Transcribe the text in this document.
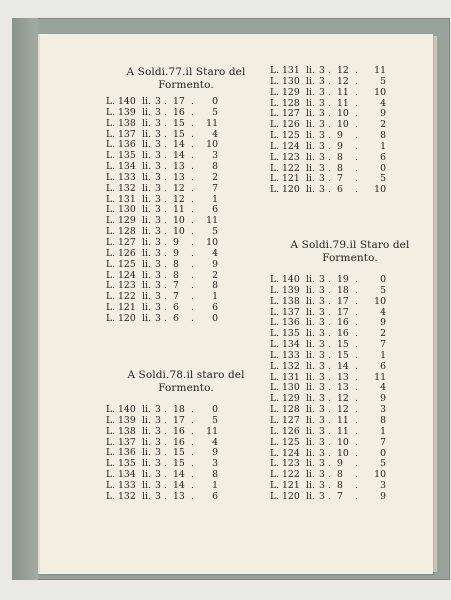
A Soldi.77.il Staro del
Formento.
L. 140 li. 3 . 17 .	0
L. 139 li. 3 . 16 .	5
L. 138 li. 3 . 15 .	11
L. 137 li. 3 . 15 .	4
L. 136 li. 3 . 14 .	10
L. 135 li. 3 . 14 .	3
L. 134 li. 3 . 13 .	8
L. 133 li. 3 . 13 .	2
L. 132 li. 3 . 12 .	7
L. 131 li. 3 . 12 .	1
L. 130 li. 3 . 11 .	6
L. 129 li. 3 . 10 .	11
L. 128 li. 3 . 10 .	5
L. 127 li. 3 . 9	.	10
L. 126 li. 3 . 9	.	4
L. 125 li. 3 . 8	.	9
L. 124 li. 3 . 8	.	2
L. 123 li. 3 . 7	.	8
L. 122 li. 3 . 7	.	1
L. 121 li. 3 . 6	.	6
L. 120 li. 3 . 6	.	0
A Soldi.78.il staro del
Formento.
L. 140 li. 3 . 18 .	0
L. 139 li. 3 . 17 .	5
L. 138 li. 3 . 16 .	11
L. 137 li. 3 . 16 .	4
L. 136 li. 3 . 15 .	9
L. 135 li. 3 . 15 .	3
L. 134 li. 3 . 14 .	8
L. 133 li. 3 . 14 .	1
L. 132 li. 3 . 13 .	6
L. 131 li. 3 . 12 .	11
L. 130 li. 3 . 12 .	5
L. 129 li. 3 . 11 .	10
L. 128 li. 3 . 11 .	4
L. 127 li. 3 . 10 .	9
L. 126 li. 3 . 10 .	2
L. 125 li. 3 . 9	.	8
L. 124 li. 3 . 9	.	1
L. 123 li. 3 . 8	.	6
L. 122 li. 3 . 8	.	0
L. 121 li. 3 . 7	.	5
L. 120 li. 3 . 6	.	10
A Soldi.79.il Staro del
Formento.
L. 140 li. 3 . 19 .	0
L. 139 li. 3 . 18 .	5
L. 138 li. 3 . 17 .	10
L. 137 li. 3 . 17 .	4
L. 136 li. 3 . 16 .	9
L. 135 li. 3 . 16 .	2
L. 134 li. 3 . 15 .	7
L. 133 li. 3 . 15 .	1
L. 132 li. 3 . 14 .	6
L. 131 li. 3 . 13 .	11
L. 130 li. 3 . 13 .	4
L. 129 li. 3 . 12 .	9
L. 128 li. 3 . 12 .	3
L. 127 li. 3 . 11 .	8
L. 126 li. 3 . 11 .	1
L. 125 li. 3 . 10 .	7
L. 124 li. 3 . 10 .	0
L. 123 li. 3 . 9	.	5
L. 122 li. 3 . 8	.	10
L. 121 li. 3 . 8	.	3
L. 120 li. 3 . 7	.	9
